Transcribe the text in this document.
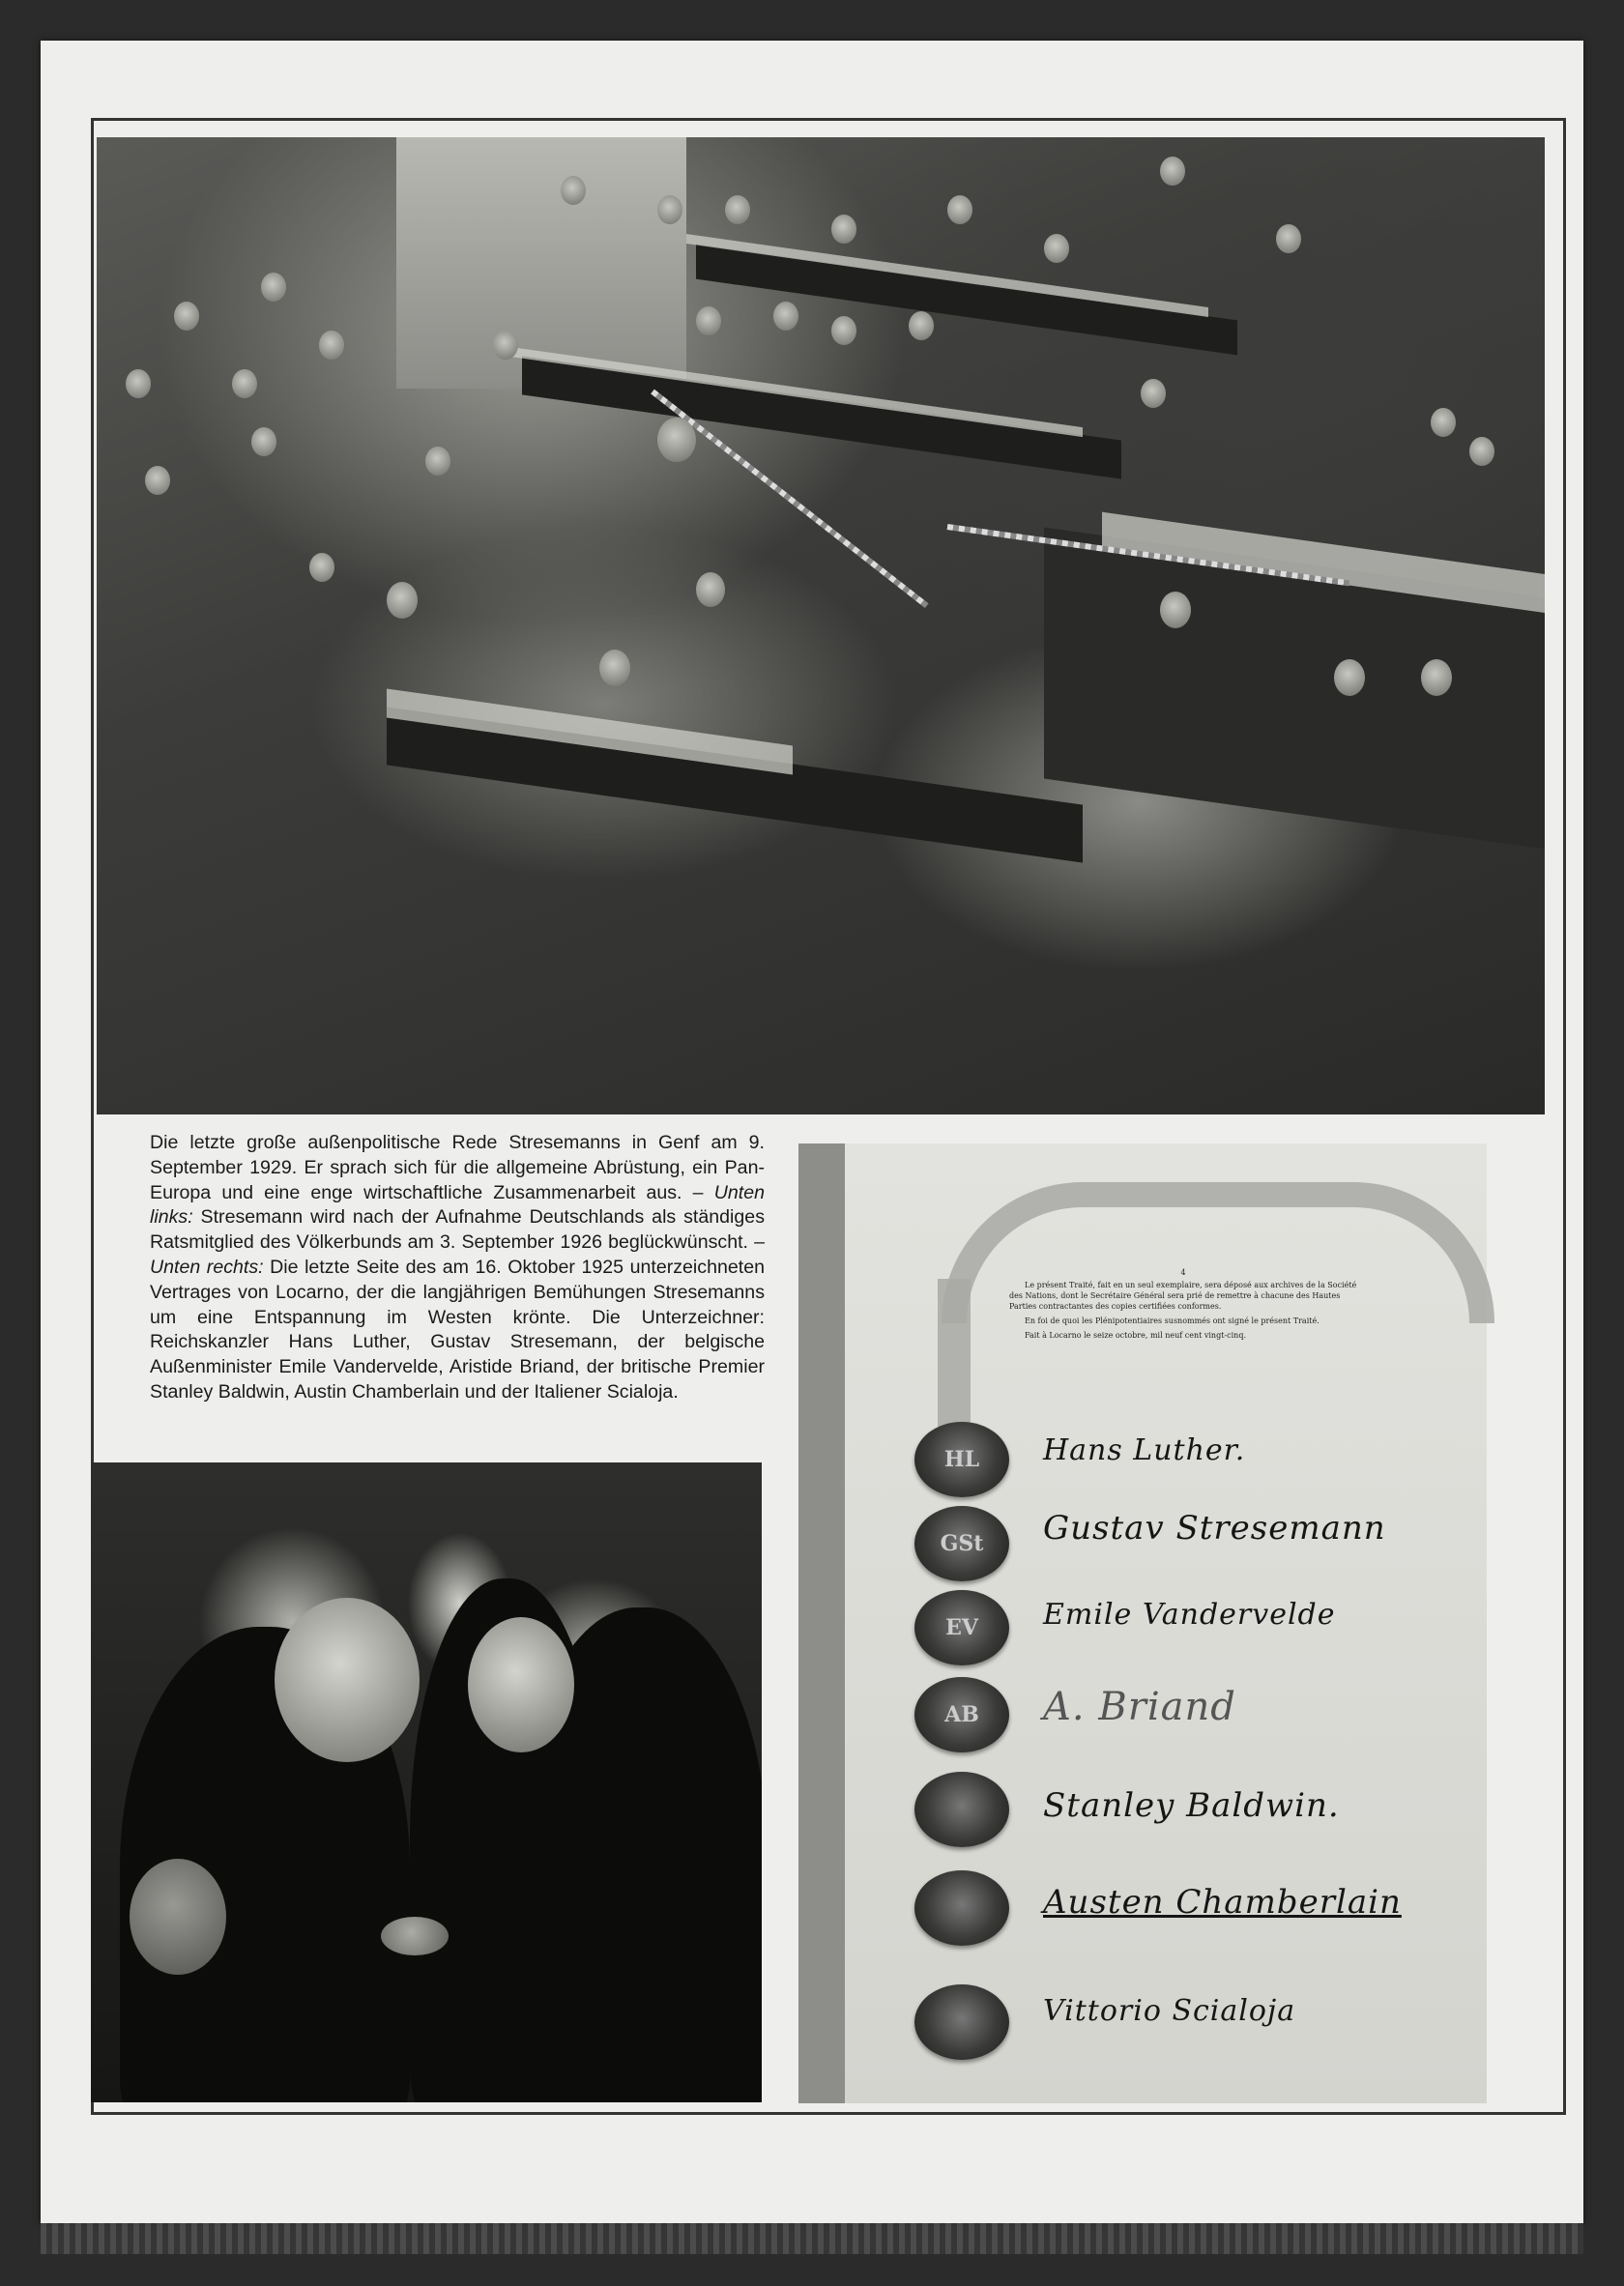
Die letzte große außenpolitische Rede Stresemanns in Genf am 9. September 1929. Er sprach sich für die allgemeine Abrüstung, ein Pan-Europa und eine enge wirtschaftliche Zusammenarbeit aus. – Unten links: Stresemann wird nach der Aufnahme Deutschlands als ständiges Ratsmitglied des Völkerbunds am 3. September 1926 beglückwünscht. – Unten rechts: Die letzte Seite des am 16. Oktober 1925 unterzeichneten Vertrages von Locarno, der die langjährigen Bemühungen Stresemanns um eine Entspannung im Westen krönte. Die Unterzeichner: Reichskanzler Hans Luther, Gustav Stresemann, der belgische Außenminister Emile Vandervelde, Aristide Briand, der britische Premier Stanley Baldwin, Austin Chamberlain und der Italiener Scialoja.
4

Le présent Traité, fait en un seul exemplaire, sera déposé aux archives de la Société des Nations, dont le Secrétaire Général sera prié de remettre à chacune des Hautes Parties contractantes des copies certifiées conformes.

En foi de quoi les Plénipotentiaires susnommés ont signé le présent Traité.

Fait à Locarno le seize octobre, mil neuf cent vingt-cinq.

HL
GSt
EV
AB
Hans Luther.
Gustav Stresemann
Emile Vandervelde
A. Briand
Stanley Baldwin.
Austen Chamberlain
Vittorio Scialoja
